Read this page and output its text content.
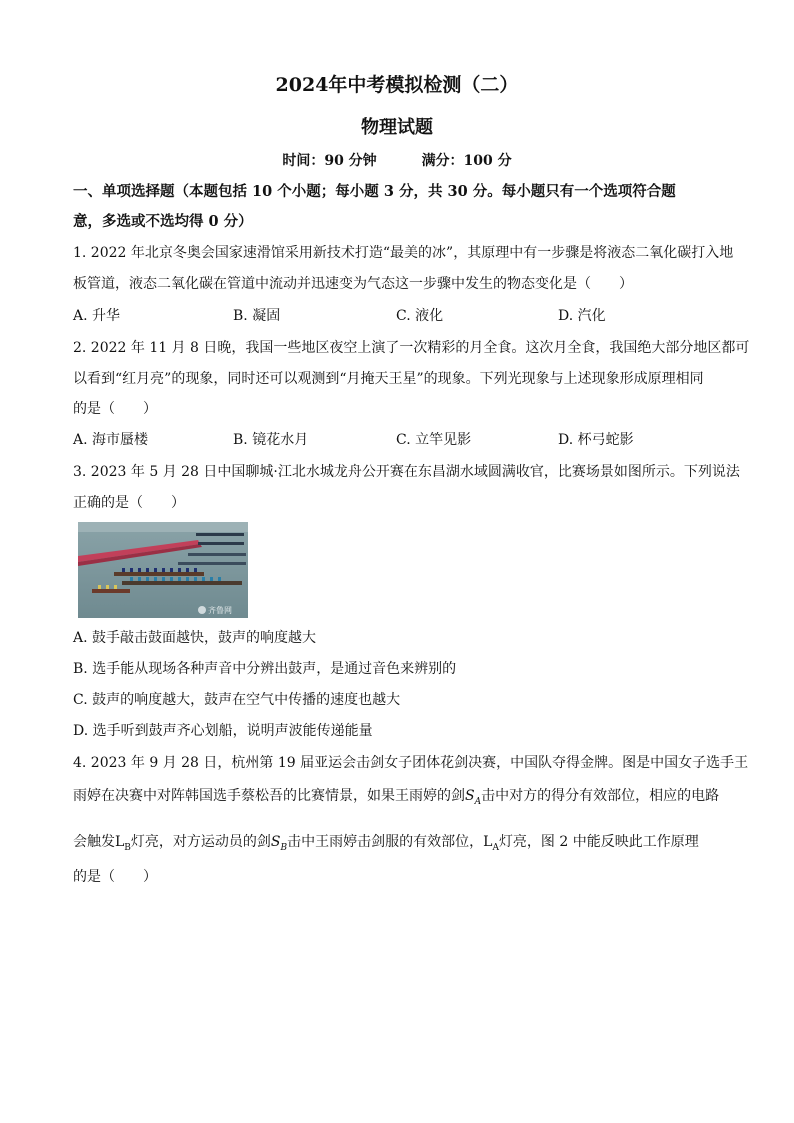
2024年中考模拟检测（二）
物理试题
时间：90 分钟	满分：100 分
一、单项选择题（本题包括 10 个小题；每小题 3 分，共 30 分。每小题只有一个选项符合题
意，多选或不选均得 0 分）
1. 2022 年北京冬奥会国家速滑馆采用新技术打造“最美的冰”，其原理中有一步骤是将液态二氧化碳打入地
板管道，液态二氧化碳在管道中流动并迅速变为气态这一步骤中发生的物态变化是（　　）
A. 升华	B. 凝固	C. 液化	D. 汽化
2. 2022 年 11 月 8 日晚，我国一些地区夜空上演了一次精彩的月全食。这次月全食，我国绝大部分地区都可
以看到“红月亮”的现象，同时还可以观测到“月掩天王星”的现象。下列光现象与上述现象形成原理相同
的是（　　）
A. 海市蜃楼	B. 镜花水月	C. 立竿见影	D. 杯弓蛇影
3. 2023 年 5 月 28 日中国聊城·江北水城龙舟公开赛在东昌湖水域圆满收官，比赛场景如图所示。下列说法
正确的是（　　）
齐鲁网
A. 鼓手敲击鼓面越快，鼓声的响度越大
B. 选手能从现场各种声音中分辨出鼓声，是通过音色来辨别的
C. 鼓声的响度越大，鼓声在空气中传播的速度也越大
D. 选手听到鼓声齐心划船，说明声波能传递能量
4. 2023 年 9 月 28 日，杭州第 19 届亚运会击剑女子团体花剑决赛，中国队夺得金牌。图是中国女子选手王
雨婷在决赛中对阵韩国选手蔡松吾的比赛情景，如果王雨婷的剑$S_A$击中对方的得分有效部位，相应的电路
会触发$L_B$灯亮，对方运动员的剑$S_B$击中王雨婷击剑服的有效部位，$L_A$灯亮，图 2 中能反映此工作原理
的是（　　）
